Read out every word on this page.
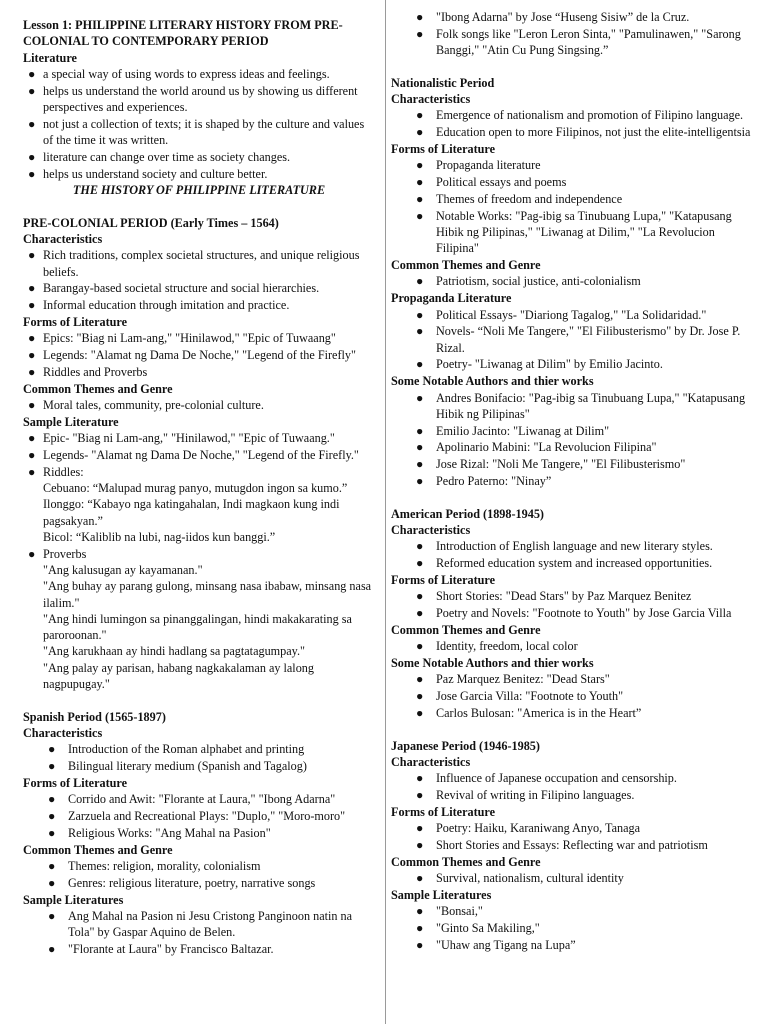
Lesson 1: PHILIPPINE LITERARY HISTORY FROM PRE-COLONIAL TO CONTEMPORARY PERIOD
Literature
● a special way of using words to express ideas and feelings.
● helps us understand the world around us by showing us different perspectives and experiences.
● not just a collection of texts; it is shaped by the culture and values of the time it was written.
● literature can change over time as society changes.
● helps us understand society and culture better.
THE HISTORY OF PHILIPPINE LITERATURE
PRE-COLONIAL PERIOD (Early Times – 1564)
Characteristics
● Rich traditions, complex societal structures, and unique religious beliefs.
● Barangay-based societal structure and social hierarchies.
● Informal education through imitation and practice.
Forms of Literature
● Epics: "Biag ni Lam-ang," "Hinilawod," "Epic of Tuwaang"
● Legends: "Alamat ng Dama De Noche," "Legend of the Firefly"
● Riddles and Proverbs
Common Themes and Genre
● Moral tales, community, pre-colonial culture.
Sample Literature
● Epic- "Biag ni Lam-ang," "Hinilawod," "Epic of Tuwaang."
● Legends- "Alamat ng Dama De Noche," "Legend of the Firefly."
● Riddles:
Cebuano: “Malupad murag panyo, mutugdon ingon sa kumo.”
Ilonggo: “Kabayo nga katingahalan, Indi magkaon kung indi pagsakyan.”
Bicol: “Kaliblib na lubi, nag-iidos kun banggi.”
● Proverbs
"Ang kalusugan ay kayamanan."
"Ang buhay ay parang gulong, minsang nasa ibabaw, minsang nasa ilalim."
"Ang hindi lumingon sa pinanggalingan, hindi makakarating sa paroroonan."
"Ang karukhaan ay hindi hadlang sa pagtatagumpay."
"Ang palay ay parisan, habang nagkakalaman ay lalong nagpupugay."
Spanish Period (1565-1897)
Characteristics
● Introduction of the Roman alphabet and printing
● Bilingual literary medium (Spanish and Tagalog)
Forms of Literature
● Corrido and Awit: "Florante at Laura," "Ibong Adarna"
● Zarzuela and Recreational Plays: "Duplo," "Moro-moro"
● Religious Works: "Ang Mahal na Pasion"
Common Themes and Genre
● Themes: religion, morality, colonialism
● Genres: religious literature, poetry, narrative songs
Sample Literatures
● Ang Mahal na Pasion ni Jesu Cristong Panginoon natin na Tola" by Gaspar Aquino de Belen.
● "Florante at Laura" by Francisco Baltazar.
● "Ibong Adarna" by Jose “Huseng Sisiw” de la Cruz.
● Folk songs like "Leron Leron Sinta," "Pamulinawen," "Sarong Banggi," "Atin Cu Pung Singsing.”
Nationalistic Period
Characteristics
● Emergence of nationalism and promotion of Filipino language.
● Education open to more Filipinos, not just the elite-intelligentsia
Forms of Literature
● Propaganda literature
● Political essays and poems
● Themes of freedom and independence
● Notable Works: "Pag-ibig sa Tinubuang Lupa," "Katapusang Hibik ng Pilipinas," "Liwanag at Dilim," "La Revolucion Filipina"
Common Themes and Genre
● Patriotism, social justice, anti-colonialism
Propaganda Literature
● Political Essays- "Diariong Tagalog," "La Solidaridad."
● Novels- “Noli Me Tangere," "El Filibusterismo" by Dr. Jose P. Rizal.
● Poetry- "Liwanag at Dilim" by Emilio Jacinto.
Some Notable Authors and thier works
● Andres Bonifacio: "Pag-ibig sa Tinubuang Lupa," "Katapusang Hibik ng Pilipinas"
● Emilio Jacinto: "Liwanag at Dilim"
● Apolinario Mabini: "La Revolucion Filipina"
● Jose Rizal: "Noli Me Tangere," "El Filibusterismo"
● Pedro Paterno: "Ninay”
American Period (1898-1945)
Characteristics
● Introduction of English language and new literary styles.
● Reformed education system and increased opportunities.
Forms of Literature
● Short Stories: "Dead Stars" by Paz Marquez Benitez
● Poetry and Novels: "Footnote to Youth" by Jose Garcia Villa
Common Themes and Genre
● Identity, freedom, local color
Some Notable Authors and thier works
● Paz Marquez Benitez: "Dead Stars"
● Jose Garcia Villa: "Footnote to Youth"
● Carlos Bulosan: "America is in the Heart”
Japanese Period (1946-1985)
Characteristics
● Influence of Japanese occupation and censorship.
● Revival of writing in Filipino languages.
Forms of Literature
● Poetry: Haiku, Karaniwang Anyo, Tanaga
● Short Stories and Essays: Reflecting war and patriotism
Common Themes and Genre
● Survival, nationalism, cultural identity
Sample Literatures
● "Bonsai,"
● "Ginto Sa Makiling,"
● "Uhaw ang Tigang na Lupa”
